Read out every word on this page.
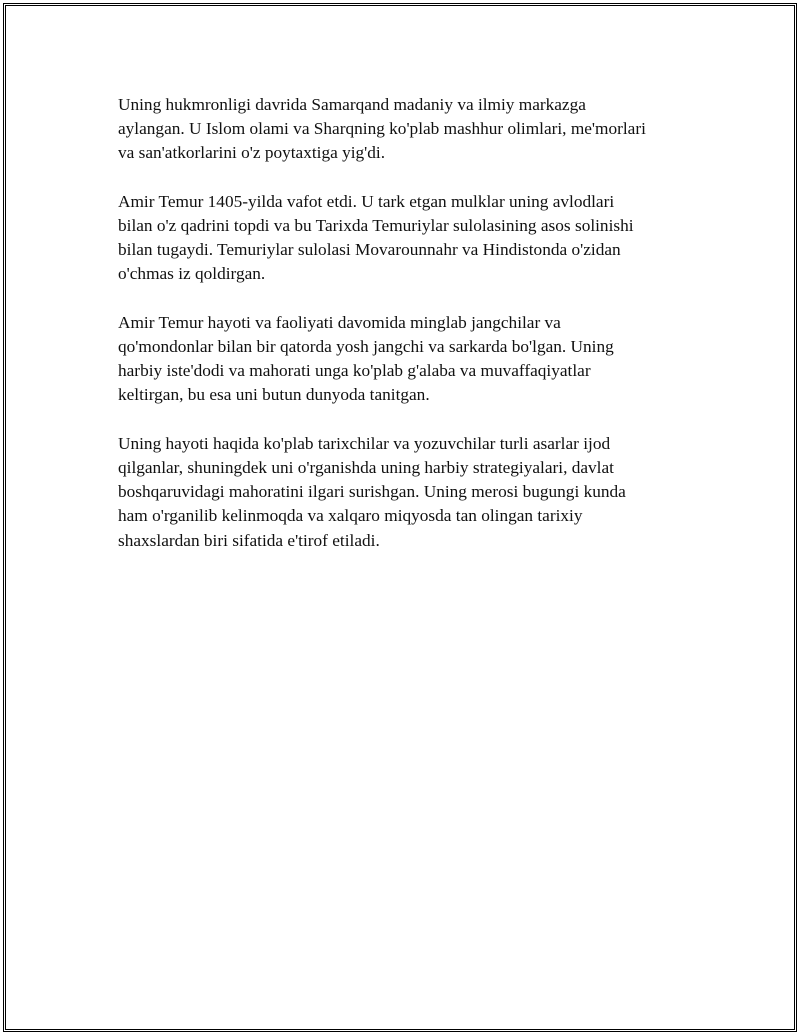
Uning hukmronligi davrida Samarqand madaniy va ilmiy markazga
aylangan. U Islom olami va Sharqning ko'plab mashhur olimlari, me'morlari
va san'atkorlarini o'z poytaxtiga yig'di.

Amir Temur 1405-yilda vafot etdi. U tark etgan mulklar uning avlodlari
bilan o'z qadrini topdi va bu Tarixda Temuriylar sulolasining asos solinishi
bilan tugaydi. Temuriylar sulolasi Movarounnahr va Hindistonda o'zidan
o'chmas iz qoldirgan.

Amir Temur hayoti va faoliyati davomida minglab jangchilar va
qo'mondonlar bilan bir qatorda yosh jangchi va sarkarda bo'lgan. Uning
harbiy iste'dodi va mahorati unga ko'plab g'alaba va muvaffaqiyatlar
keltirgan, bu esa uni butun dunyoda tanitgan.

Uning hayoti haqida ko'plab tarixchilar va yozuvchilar turli asarlar ijod
qilganlar, shuningdek uni o'rganishda uning harbiy strategiyalari, davlat
boshqaruvidagi mahoratini ilgari surishgan. Uning merosi bugungi kunda
ham o'rganilib kelinmoqda va xalqaro miqyosda tan olingan tarixiy
shaxslardan biri sifatida e'tirof etiladi.
